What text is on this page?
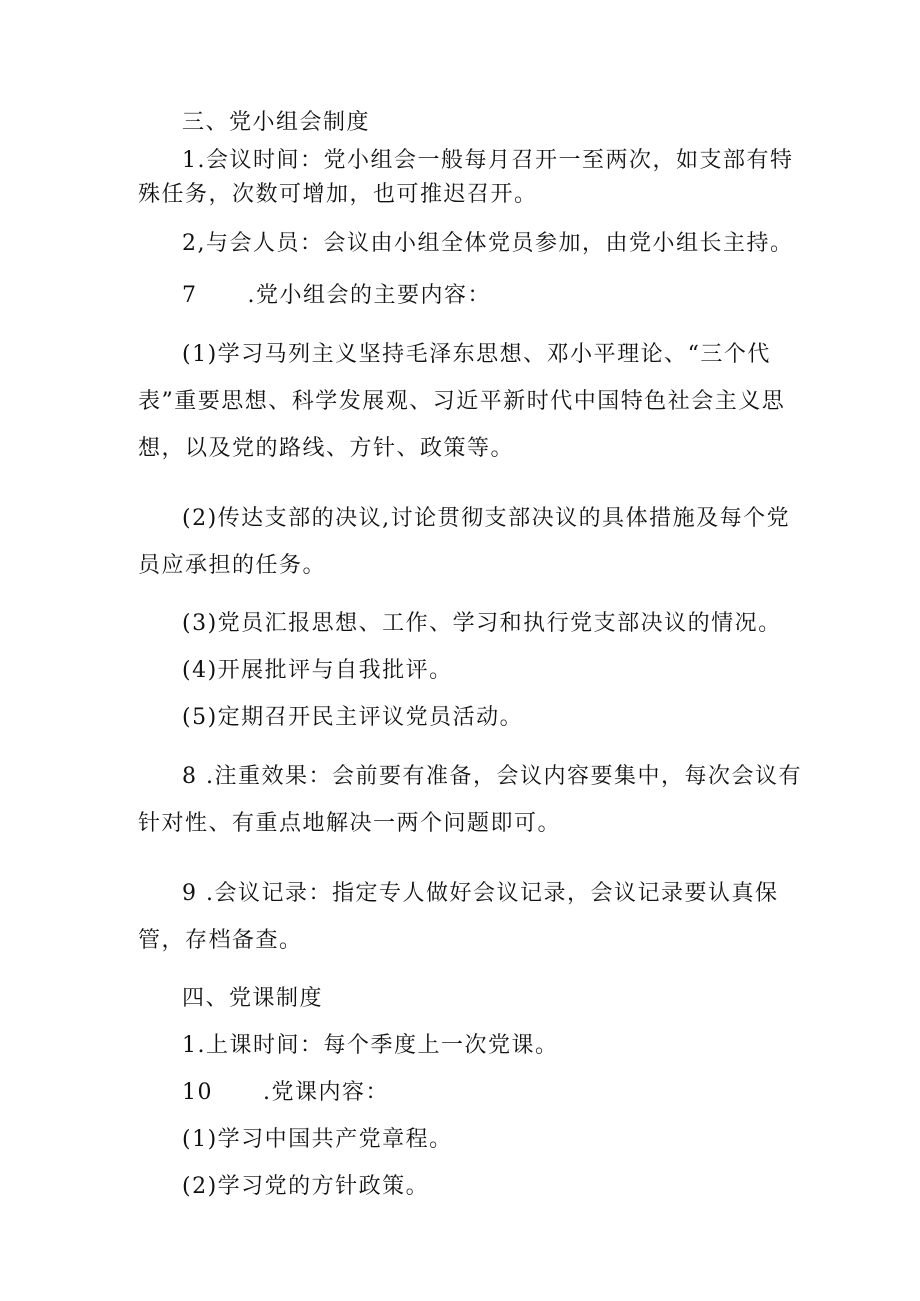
三、党小组会制度

1.会议时间：党小组会一般每月召开一至两次，如支部有特殊任务，次数可增加，也可推迟召开。

2,与会人员：会议由小组全体党员参加，由党小组长主持。

7 .党小组会的主要内容：

(1)学习马列主义坚持毛泽东思想、邓小平理论、“三个代表”重要思想、科学发展观、习近平新时代中国特色社会主义思想，以及党的路线、方针、政策等。

(2)传达支部的决议,讨论贯彻支部决议的具体措施及每个党员应承担的任务。

(3)党员汇报思想、工作、学习和执行党支部决议的情况。

(4)开展批评与自我批评。

(5)定期召开民主评议党员活动。

8 .注重效果：会前要有准备，会议内容要集中，每次会议有针对性、有重点地解决一两个问题即可。

9 .会议记录：指定专人做好会议记录，会议记录要认真保管，存档备查。

四、党课制度

1.上课时间：每个季度上一次党课。

10 .党课内容：

(1)学习中国共产党章程。

(2)学习党的方针政策。
